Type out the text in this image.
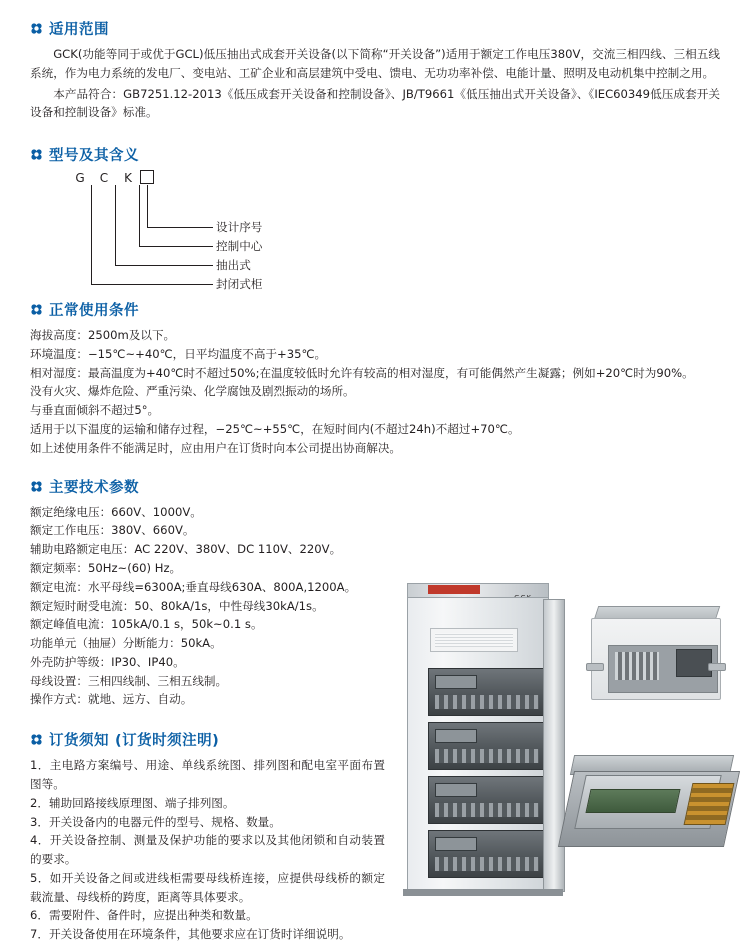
适用范围

GCK(功能等同于或优于GCL)低压抽出式成套开关设备(以下简称“开关设备”)适用于额定工作电压380V，交流三相四线、三相五线系统，作为电力系统的发电厂、变电站、工矿企业和高层建筑中受电、馈电、无功功率补偿、电能计量、照明及电动机集中控制之用。

本产品符合：GB7251.12-2013《低压成套开关设备和控制设备》、JB/T9661《低压抽出式开关设备》、《IEC60349低压成套开关设备和控制设备》标准。

型号及其含义
G	C	K
设计序号
控制中心
抽出式
封闭式柜
正常使用条件

海拔高度：2500m及以下。

环境温度：−15℃~+40℃，日平均温度不高于+35℃。

相对湿度：最高温度为+40℃时不超过50%;在温度较低时允许有较高的相对湿度，有可能偶然产生凝露；例如+20℃时为90%。

没有火灾、爆炸危险、严重污染、化学腐蚀及剧烈振动的场所。

与垂直面倾斜不超过5°。

适用于以下温度的运输和储存过程，−25℃~+55℃，在短时间内(不超过24h)不超过+70℃。

如上述使用条件不能满足时，应由用户在订货时向本公司提出协商解决。

主要技术参数

额定绝缘电压：660V、1000V。

额定工作电压：380V、660V。

辅助电路额定电压：AC 220V、380V、DC 110V、220V。

额定频率：50Hz~(60) Hz。

额定电流：水平母线=6300A;垂直母线630A、800A,1200A。

额定短时耐受电流：50、80kA/1s，中性母线30kA/1s。

额定峰值电流：105kA/0.1 s，50k~0.1 s。

功能单元（抽屉）分断能力：50kA。

外壳防护等级：IP30、IP40。

母线设置：三相四线制、三相五线制。

操作方式：就地、远方、自动。

订货须知 (订货时须注明)
1．主电路方案编号、用途、单线系统图、排列图和配电室平面布置图等。
2．辅助回路接线原理图、端子排列图。
3．开关设备内的电器元件的型号、规格、数量。
4．开关设备控制、测量及保护功能的要求以及其他闭锁和自动装置的要求。
5．如开关设备之间或进线柜需要母线桥连接，应提供母线桥的额定载流量、母线桥的跨度，距离等具体要求。
6．需要附件、备件时，应提出种类和数量。
7．开关设备使用在环境条件，其他要求应在订货时详细说明。
